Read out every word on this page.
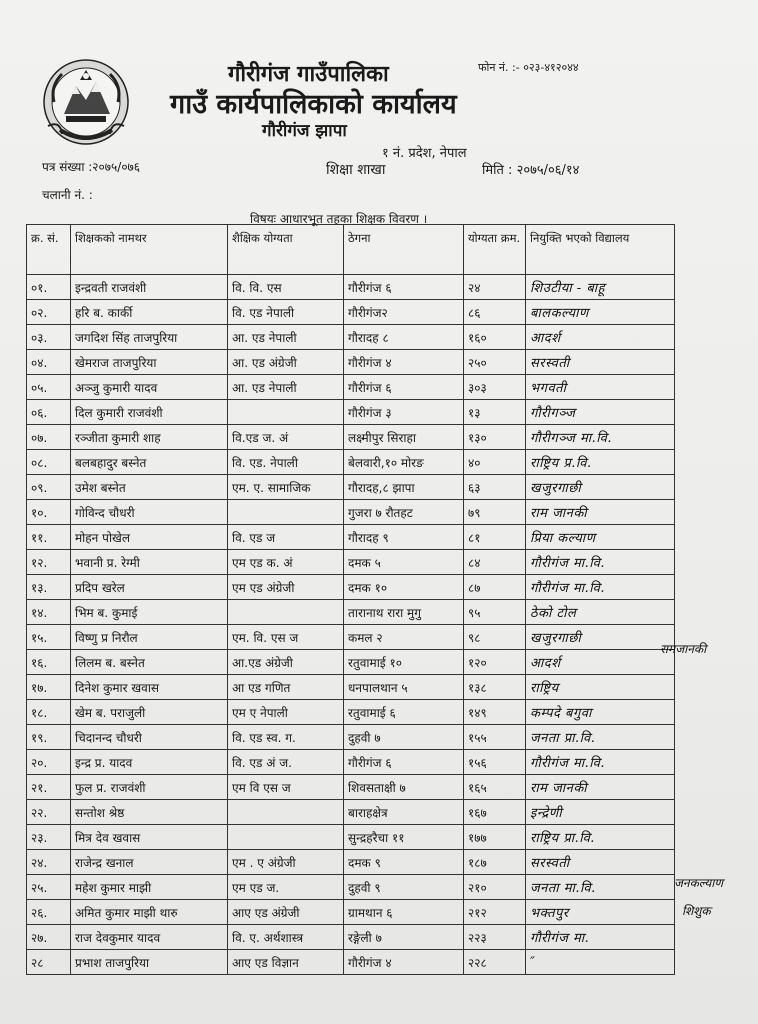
गौरीगंज गाउँपालिका
गाउँ कार्यपालिकाको कार्यालय
गौरीगंज झापा
फोन नं. :- ०२३-४१२०४४
१ नं. प्रदेश, नेपाल
पत्र संख्या :२०७५/०७६	शिक्षा शाखा	मिति : २०७५/०६/१४
चलानी नं. :
विषयः आधारभूत तहका शिक्षक विवरण ।
क्र. सं.	शिक्षकको नामथर	शैक्षिक योग्यता	ठेगना	योग्यता क्रम.	नियुक्ति भएको विद्यालय
०१.	इन्द्रवती राजवंशी	वि. वि. एस	गौरीगंज ६	२४	शिउटीया - बाहू
०२.	हरि ब. कार्की	वि. एड नेपाली	गौरीगंज२	८६	बालकल्याण
०३.	जगदिश सिंह ताजपुरिया	आ. एड नेपाली	गौरादह ८	१६०	आदर्श
०४.	खेमराज ताजपुरिया	आ. एड अंग्रेजी	गौरीगंज ४	२५०	सरस्वती
०५.	अञ्जु कुमारी यादव	आ. एड नेपाली	गौरीगंज ६	३०३	भगवती
०६.	दिल कुमारी राजवंशी		गौरीगंज ३	१३	गौरीगञ्ज
०७.	रञ्जीता कुमारी शाह	वि.एड ज. अं	लक्ष्मीपुर सिराहा	१३०	गौरीगञ्ज मा.वि.
०८.	बलबहादुर बस्नेत	वि. एड. नेपाली	बेलवारी,१० मोरङ	४०	राष्ट्रिय प्र.वि.
०९.	उमेश बस्नेत	एम. ए. सामाजिक	गौरादह,८ झापा	६३	खजुरगाछी
१०.	गोविन्द चौधरी		गुजरा ७ रौतहट	७९	राम जानकी
११.	मोहन पोखेल	वि. एड ज	गौरादह ९	८१	प्रिया कल्याण
१२.	भवानी प्र. रेग्मी	एम एड क. अं	दमक ५	८४	गौरीगंज मा.वि.
१३.	प्रदिप खरेल	एम एड अंग्रेजी	दमक १०	८७	गौरीगंज मा.वि.
१४.	भिम ब. कुमाई		तारानाथ रारा मुगु	९५	ठेको टोल
१५.	विष्णु प्र निरौल	एम. वि. एस ज	कमल २	९८	खजुरगाछी
१६.	लिलम ब. बस्नेत	आ.एड अंग्रेजी	रतुवामाई १०	१२०	आदर्श
१७.	दिनेश कुमार खवास	आ एड गणित	धनपालथान ५	१३८	राष्ट्रिय
१८.	खेम ब. पराजुली	एम ए नेपाली	रतुवामाई ६	१४९	कम्पदे बगुवा
१९.	चिदानन्द चौधरी	वि. एड स्व. ग.	दुहवी ७	१५५	जनता प्रा.वि.
२०.	इन्द्र प्र. यादव	वि. एड अं ज.	गौरीगंज ६	१५६	गौरीगंज मा.वि.
२१.	फुल प्र. राजवंशी	एम वि एस ज	शिवसताक्षी ७	१६५	राम जानकी
२२.	सन्तोश श्रेष्ठ		बाराहक्षेत्र	१६७	इन्द्रेणी
२३.	मित्र देव खवास		सुन्द्रहरैचा ११	१७७	राष्ट्रिय प्रा.वि.
२४.	राजेन्द्र खनाल	एम . ए अंग्रेजी	दमक ९	१८७	सरस्वती
२५.	महेश कुमार माझी	एम एड ज.	दुहवी ९	२१०	जनता मा.वि.
२६.	अमित कुमार माझी थारु	आए एड अंग्रेजी	ग्रामथान ६	२१२	भक्तपुर
२७.	राज देवकुमार यादव	वि. ए. अर्थशास्त्र	रङ्गेली ७	२२३	गौरीगंज मा.
२८	प्रभाश ताजपुरिया	आए एड विज्ञान	गौरीगंज ४	२२८	″
रामजानकी
जनकल्याण
शिशुक
